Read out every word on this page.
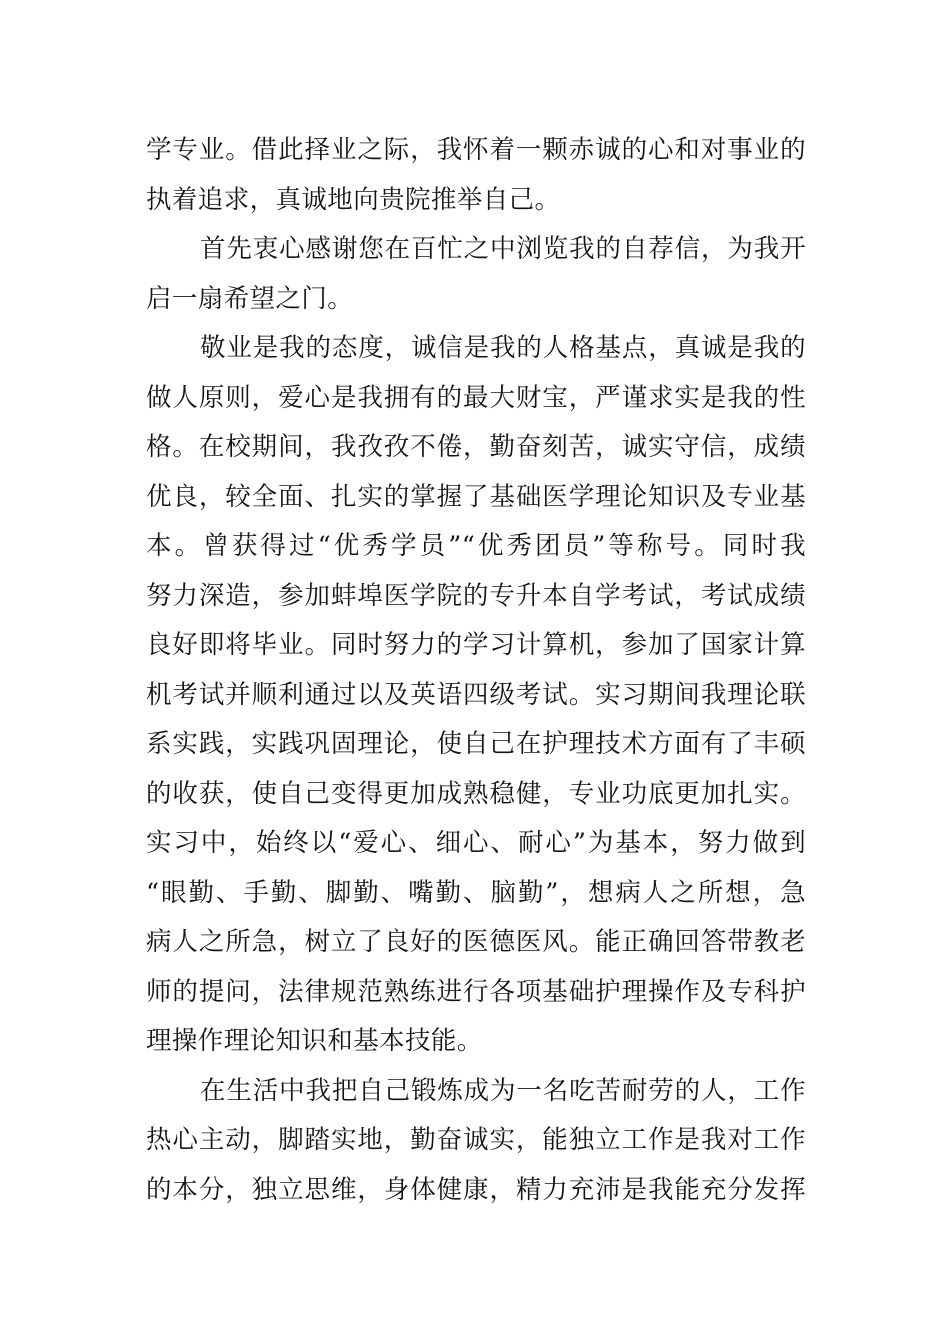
学专业。借此择业之际，我怀着一颗赤诚的心和对事业的
执着追求，真诚地向贵院推举自己。
首先衷心感谢您在百忙之中浏览我的自荐信，为我开
启一扇希望之门。
敬业是我的态度，诚信是我的人格基点，真诚是我的
做人原则，爱心是我拥有的最大财宝，严谨求实是我的性
格。在校期间，我孜孜不倦，勤奋刻苦，诚实守信，成绩
优良，较全面、扎实的掌握了基础医学理论知识及专业基
本。曾获得过“优秀学员”“优秀团员”等称号。同时我
努力深造，参加蚌埠医学院的专升本自学考试，考试成绩
良好即将毕业。同时努力的学习计算机，参加了国家计算
机考试并顺利通过以及英语四级考试。实习期间我理论联
系实践，实践巩固理论，使自己在护理技术方面有了丰硕
的收获，使自己变得更加成熟稳健，专业功底更加扎实。
实习中，始终以“爱心、细心、耐心”为基本，努力做到
“眼勤、手勤、脚勤、嘴勤、脑勤”，想病人之所想，急
病人之所急，树立了良好的医德医风。能正确回答带教老
师的提问，法律规范熟练进行各项基础护理操作及专科护
理操作理论知识和基本技能。
在生活中我把自己锻炼成为一名吃苦耐劳的人，工作
热心主动，脚踏实地，勤奋诚实，能独立工作是我对工作
的本分，独立思维，身体健康，精力充沛是我能充分发挥
